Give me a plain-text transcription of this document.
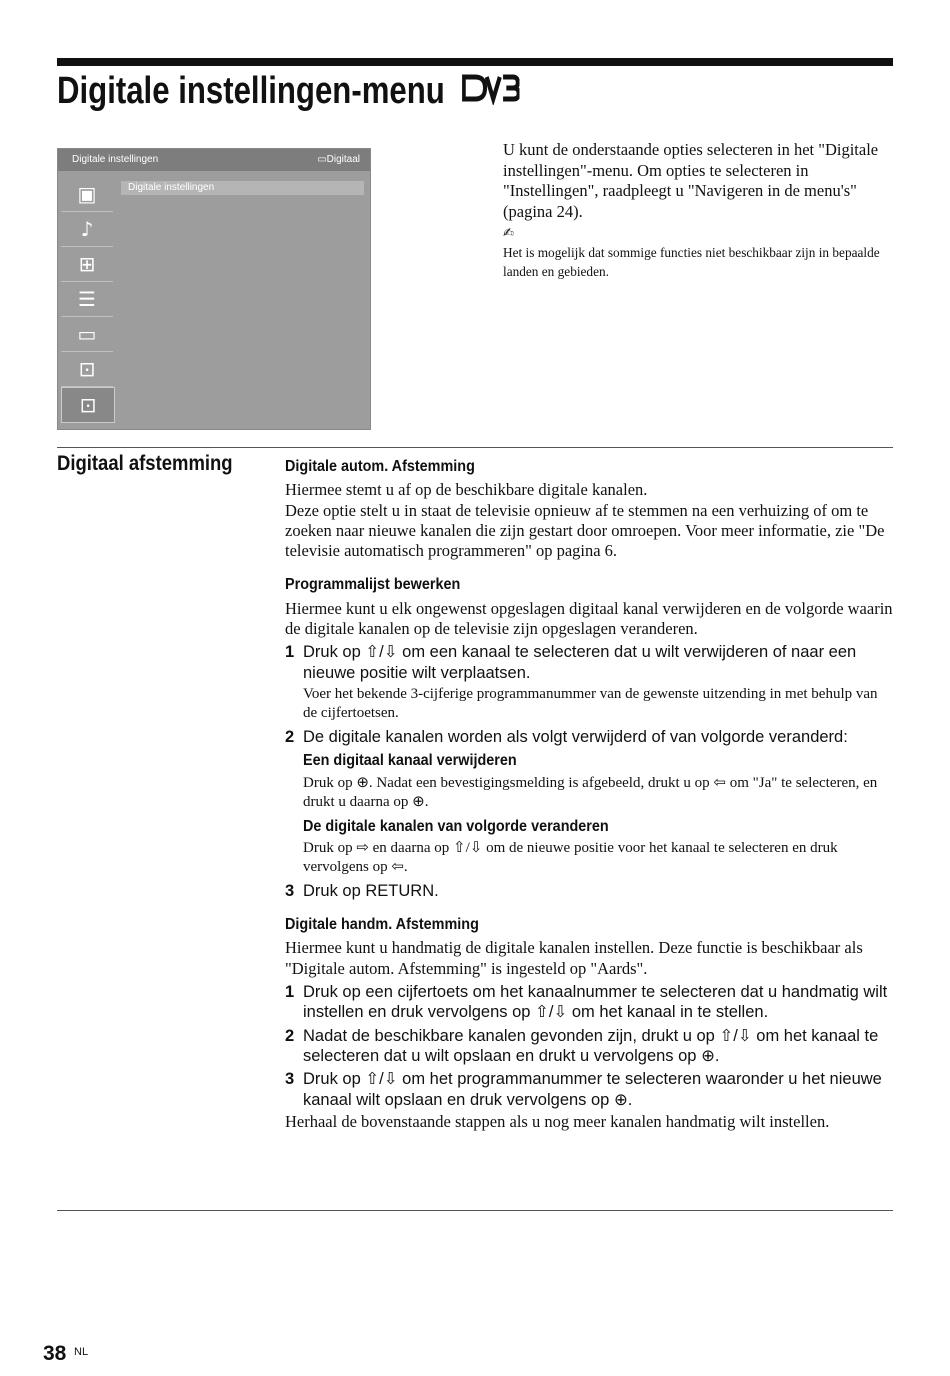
Digitale instellingen-menu
Digitale instellingen	▭Digitaal
▣
♪
⊞
☰
▭
⊡
⊡
Digitale instellingen
U kunt de onderstaande opties selecteren in het "Digitale instellingen"-menu. Om opties te selecteren in "Instellingen", raadpleegt u "Navigeren in de menu's" (pagina 24).
✍
Het is mogelijk dat sommige functies niet beschikbaar zijn in bepaalde landen en gebieden.
Digitaal afstemming	Digitale autom. Afstemming

Hiermee stemt u af op de beschikbare digitale kanalen.

Deze optie stelt u in staat de televisie opnieuw af te stemmen na een verhuizing of om te zoeken naar nieuwe kanalen die zijn gestart door omroepen. Voor meer informatie, zie "De televisie automatisch programmeren" op pagina 6.

Programmalijst bewerken

Hiermee kunt u elk ongewenst opgeslagen digitaal kanal verwijderen en de volgorde waarin de digitale kanalen op de televisie zijn opgeslagen veranderen.

1 Druk op ⇧/⇩ om een kanaal te selecteren dat u wilt verwijderen of naar een nieuwe positie wilt verplaatsen.
Voer het bekende 3-cijferige programmanummer van de gewenste uitzending in met behulp van de cijfertoetsen.
2 De digitale kanalen worden als volgt verwijderd of van volgorde veranderd:
Een digitaal kanaal verwijderen
Druk op ⊕. Nadat een bevestigingsmelding is afgebeeld, drukt u op ⇦ om "Ja" te selecteren, en drukt u daarna op ⊕.
De digitale kanalen van volgorde veranderen
Druk op ⇨ en daarna op ⇧/⇩ om de nieuwe positie voor het kanaal te selecteren en druk vervolgens op ⇦.
3 Druk op RETURN.
Digitale handm. Afstemming

Hiermee kunt u handmatig de digitale kanalen instellen. Deze functie is beschikbaar als "Digitale autom. Afstemming" is ingesteld op "Aards".

1 Druk op een cijfertoets om het kanaalnummer te selecteren dat u handmatig wilt instellen en druk vervolgens op ⇧/⇩ om het kanaal in te stellen.
2 Nadat de beschikbare kanalen gevonden zijn, drukt u op ⇧/⇩ om het kanaal te selecteren dat u wilt opslaan en drukt u vervolgens op ⊕.
3 Druk op ⇧/⇩ om het programmanummer te selecteren waaronder u het nieuwe kanaal wilt opslaan en druk vervolgens op ⊕.

Herhaal de bovenstaande stappen als u nog meer kanalen handmatig wilt instellen.

38 NL
